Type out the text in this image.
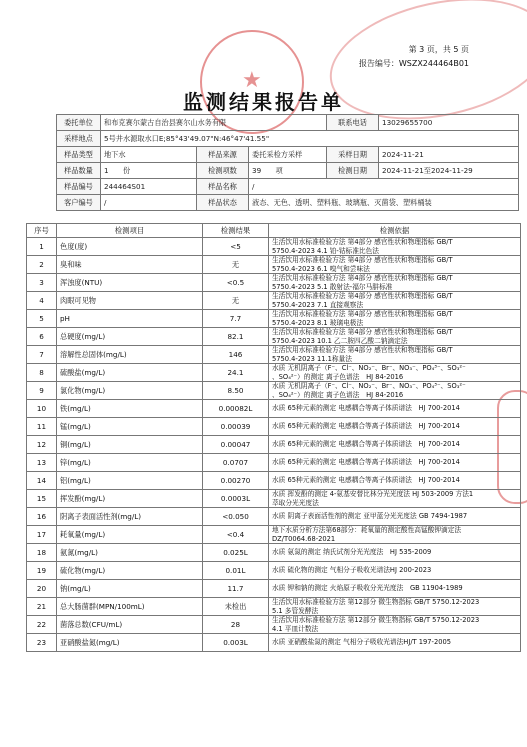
★
第 3 页，共 5 页
报告编号：WSZX244464B01
监测结果报告单
委托单位	和布克赛尔蒙古自治县赛尔山水务有限			联系电话	13029655700
采样地点	5号井水源取水口E;85°43'49.07"N:46°47'41.55"				
样品类型	地下水	样品来源	委托采检方采样	采样日期	2024-11-21
样品数量	1　　份	检测项数	39　　项	检测日期	2024-11-21至2024-11-29
样品编号	244464S01	样品名称	/		
客户编号	/	样品状态	液态、无色、透明、塑料瓶、玻璃瓶、灭菌袋、塑料桶装		
序号	检测项目	检测结果	检测依据
1	色度(度)	<5	生活饮用水标准检验方法 第4部分 感官性状和物理指标 GB/T
5750.4-2023 4.1 铂-钴标准比色法

2	臭和味	无	生活饮用水标准检验方法 第4部分 感官性状和物理指标 GB/T
5750.4-2023 6.1 嗅气和尝味法

3	浑浊度(NTU)	<0.5	生活饮用水标准检验方法 第4部分 感官性状和物理指标 GB/T
5750.4-2023 5.1 散射法-福尔马肼标准

4	肉眼可见物	无	生活饮用水标准检验方法 第4部分 感官性状和物理指标 GB/T
5750.4-2023 7.1 直接观察法

5	pH	7.7	生活饮用水标准检验方法 第4部分 感官性状和物理指标 GB/T
5750.4-2023 8.1 玻璃电极法

6	总硬度(mg/L)	82.1	生活饮用水标准检验方法 第4部分 感官性状和物理指标 GB/T
5750.4-2023 10.1 乙二胺四乙酸二钠滴定法

7	溶解性总固体(mg/L)	146	生活饮用水标准检验方法 第4部分 感官性状和物理指标 GB/T
5750.4-2023 11.1称量法

8	硫酸盐(mg/L)	24.1	水质 无机阴离子（F⁻、Cl⁻、NO₂⁻、Br⁻、NO₃⁻、PO₄³⁻、SO₃²⁻
、SO₄²⁻）的测定 离子色谱法　HJ 84-2016

9	氯化物(mg/L)	8.50	水质 无机阴离子（F⁻、Cl⁻、NO₂⁻、Br⁻、NO₃⁻、PO₄³⁻、SO₃²⁻
、SO₄²⁻）的测定 离子色谱法　HJ 84-2016

10	铁(mg/L)	0.00082L	水质 65种元素的测定 电感耦合等离子体质谱法　HJ 700-2014

11	锰(mg/L)	0.00039	水质 65种元素的测定 电感耦合等离子体质谱法　HJ 700-2014

12	铜(mg/L)	0.00047	水质 65种元素的测定 电感耦合等离子体质谱法　HJ 700-2014

13	锌(mg/L)	0.0707	水质 65种元素的测定 电感耦合等离子体质谱法　HJ 700-2014

14	铝(mg/L)	0.00270	水质 65种元素的测定 电感耦合等离子体质谱法　HJ 700-2014

15	挥发酚(mg/L)	0.0003L	水质 挥发酚的测定 4-氨基安替比林分光光度法 HJ 503-2009 方法1
萃取分光光度法

16	阴离子表面活性剂(mg/L)	<0.050	水质 阴离子表面活性剂的测定 亚甲蓝分光光度法 GB 7494-1987

17	耗氧量(mg/L)	<0.4	地下水质分析方法第68部分：耗氧量的测定酸性高锰酸钾滴定法
DZ/T0064.68-2021

18	氨氮(mg/L)	0.025L	水质 氨氮的测定 纳氏试剂分光光度法　HJ 535-2009

19	硫化物(mg/L)	0.01L	水质 硫化物的测定 气相分子吸收光谱法HJ 200-2023

20	钠(mg/L)	11.7	水质 钾和钠的测定 火焰原子吸收分光光度法　GB 11904-1989

21	总大肠菌群(MPN/100mL)	未检出	生活饮用水标准检验方法 第12部分 微生物指标 GB/T 5750.12-2023
5.1 多管发酵法

22	菌落总数(CFU/mL)	28	生活饮用水标准检验方法 第12部分 微生物指标 GB/T 5750.12-2023
4.1 平皿计数法

23	亚硝酸盐氮(mg/L)	0.003L	水质 亚硝酸盐氮的测定 气相分子吸收光谱法HJ/T 197-2005
